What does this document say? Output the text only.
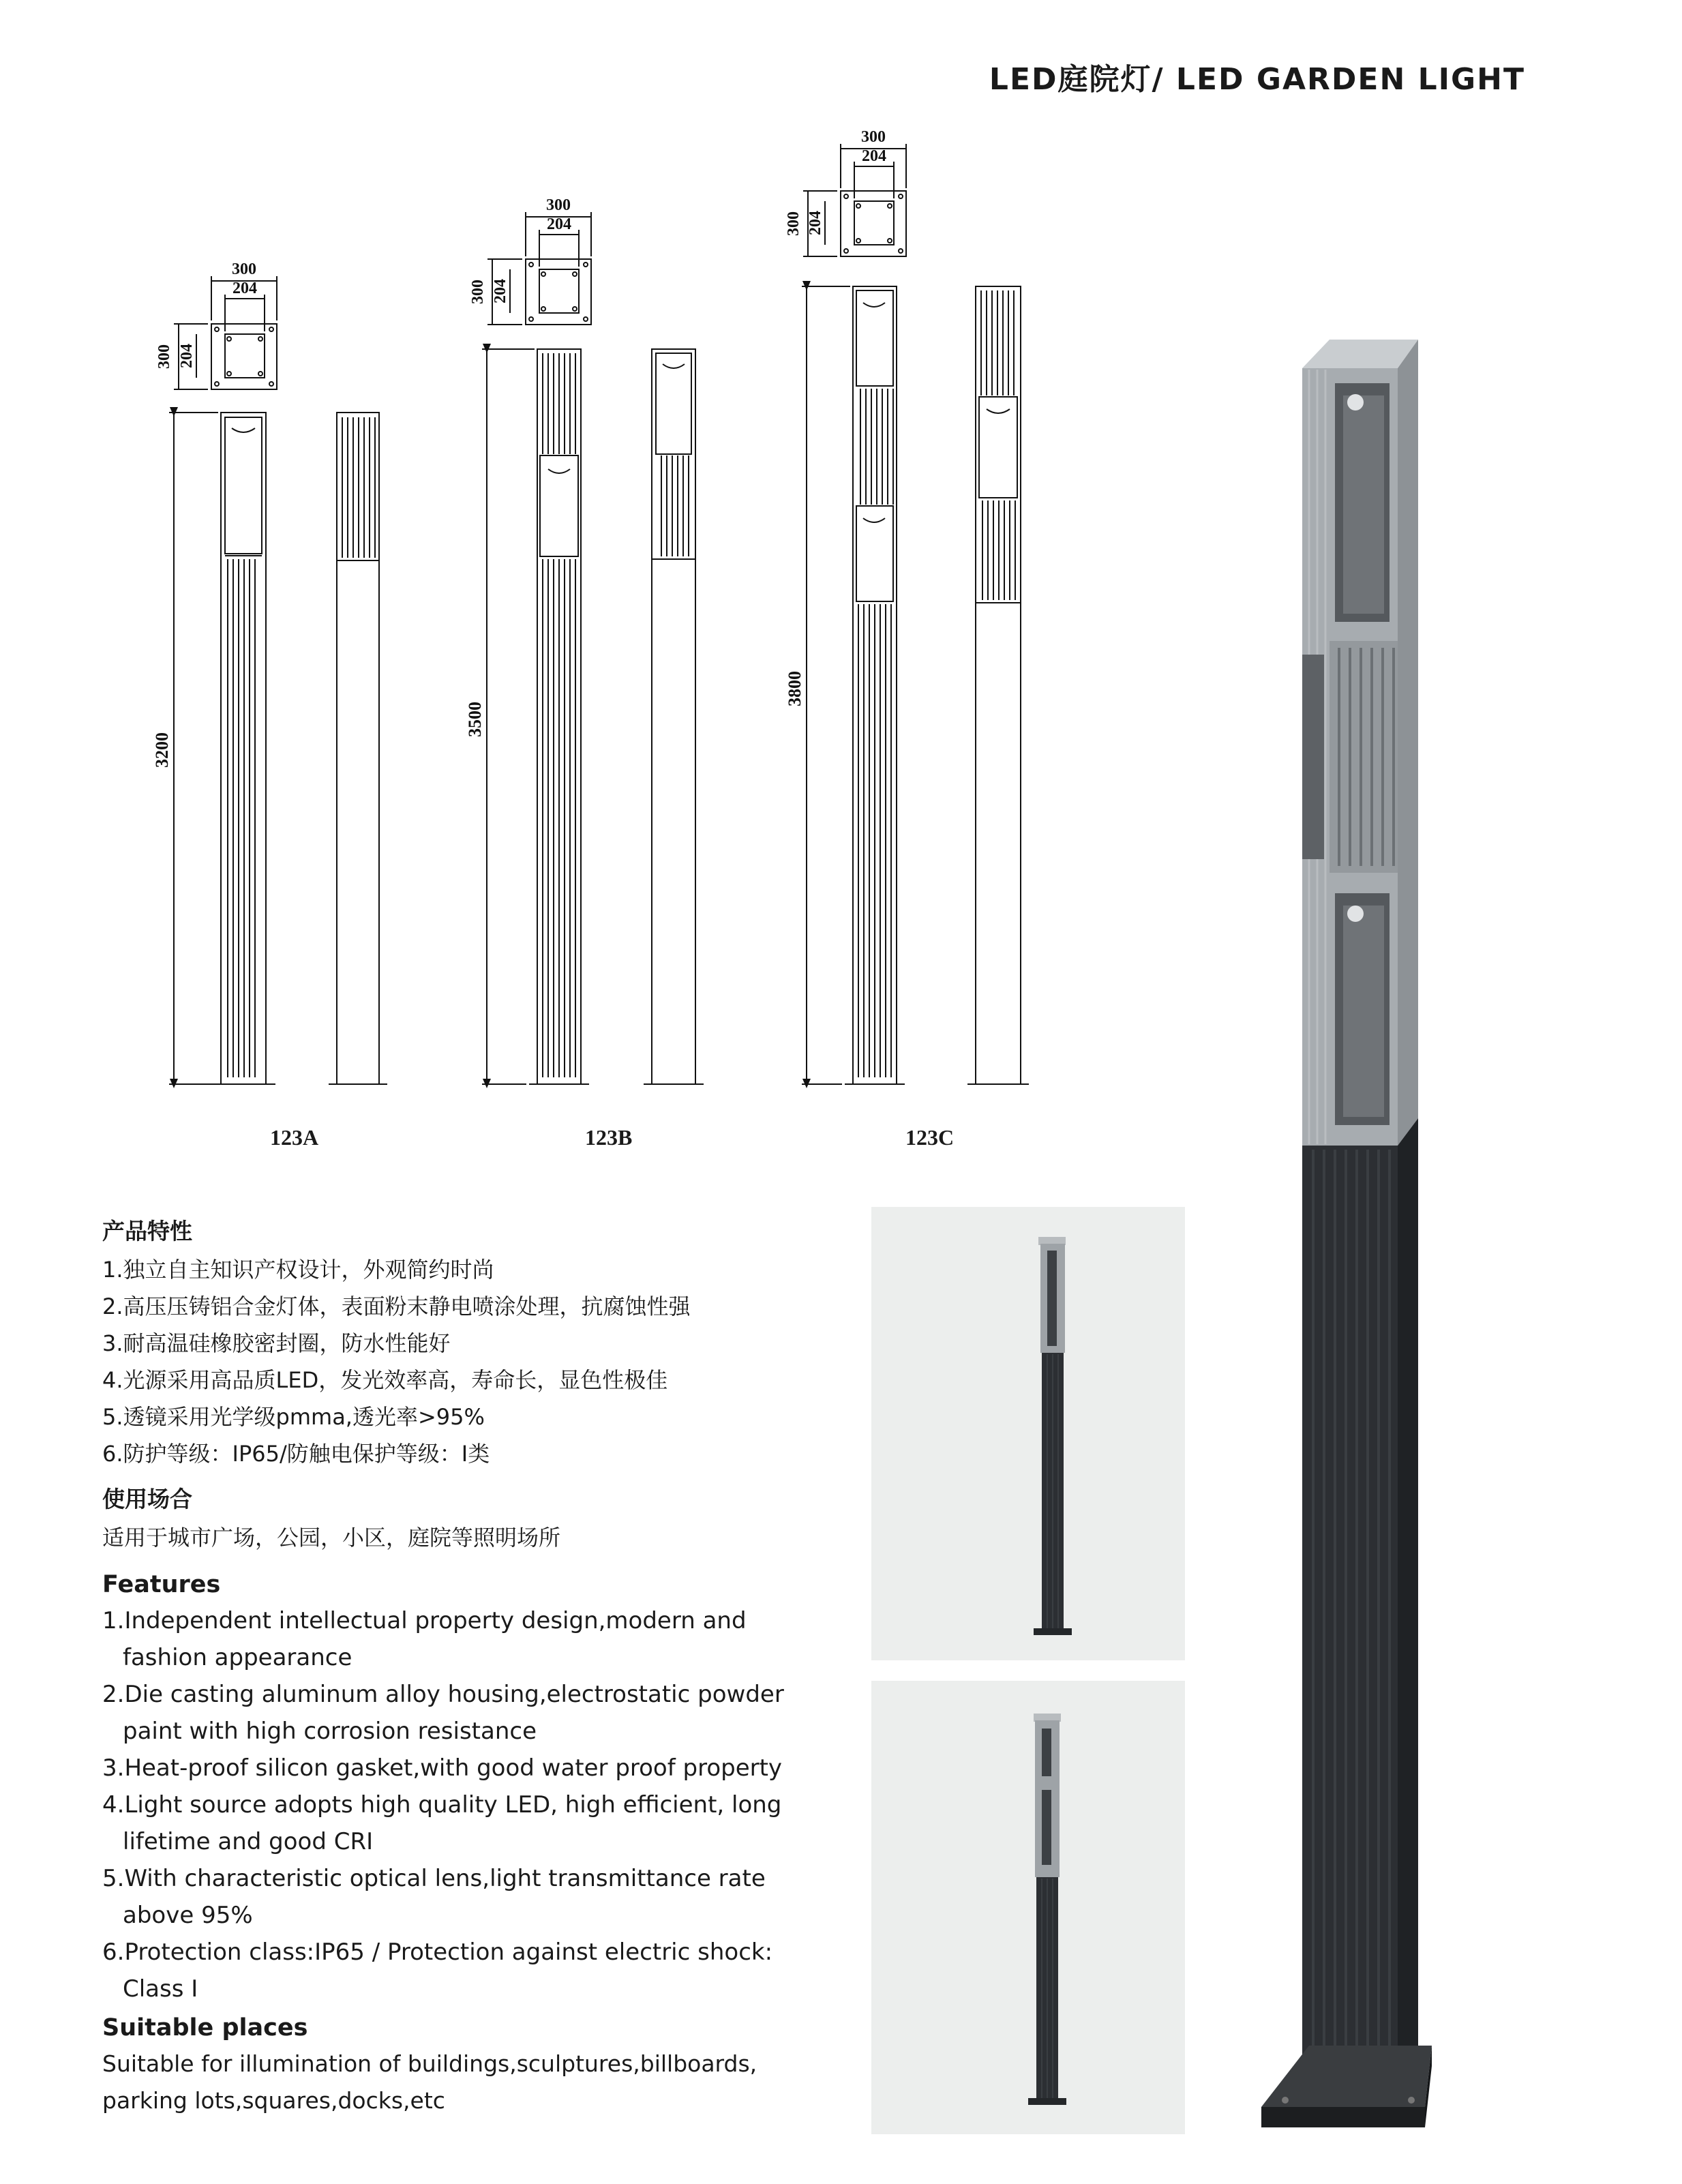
LED庭院灯/ LED GARDEN LIGHT
300
204
300 204
3200
300
204
300 204
3500
300
204
300 204
3800
123A	123B	123C

产品特性

1.独立自主知识产权设计，外观简约时尚

2.高压压铸铝合金灯体，表面粉末静电喷涂处理，抗腐蚀性强

3.耐高温硅橡胶密封圈，防水性能好

4.光源采用高品质LED，发光效率高，寿命长，显色性极佳

5.透镜采用光学级pmma,透光率>95%

6.防护等级：IP65/防触电保护等级：I类

使用场合

适用于城市广场，公园，小区，庭院等照明场所

Features

1.Independent intellectual property design,modern and
fashion appearance

2.Die casting aluminum alloy housing,electrostatic powder
paint with high corrosion resistance

3.Heat-proof silicon gasket,with good water proof property

4.Light source adopts high quality LED, high efficient, long
lifetime and good CRI

5.With characteristic optical lens,light transmittance rate
above 95%

6.Protection class:IP65 / Protection against electric shock:
Class I

Suitable places

Suitable for illumination of buildings,sculptures,billboards,

parking lots,squares,docks,etc
